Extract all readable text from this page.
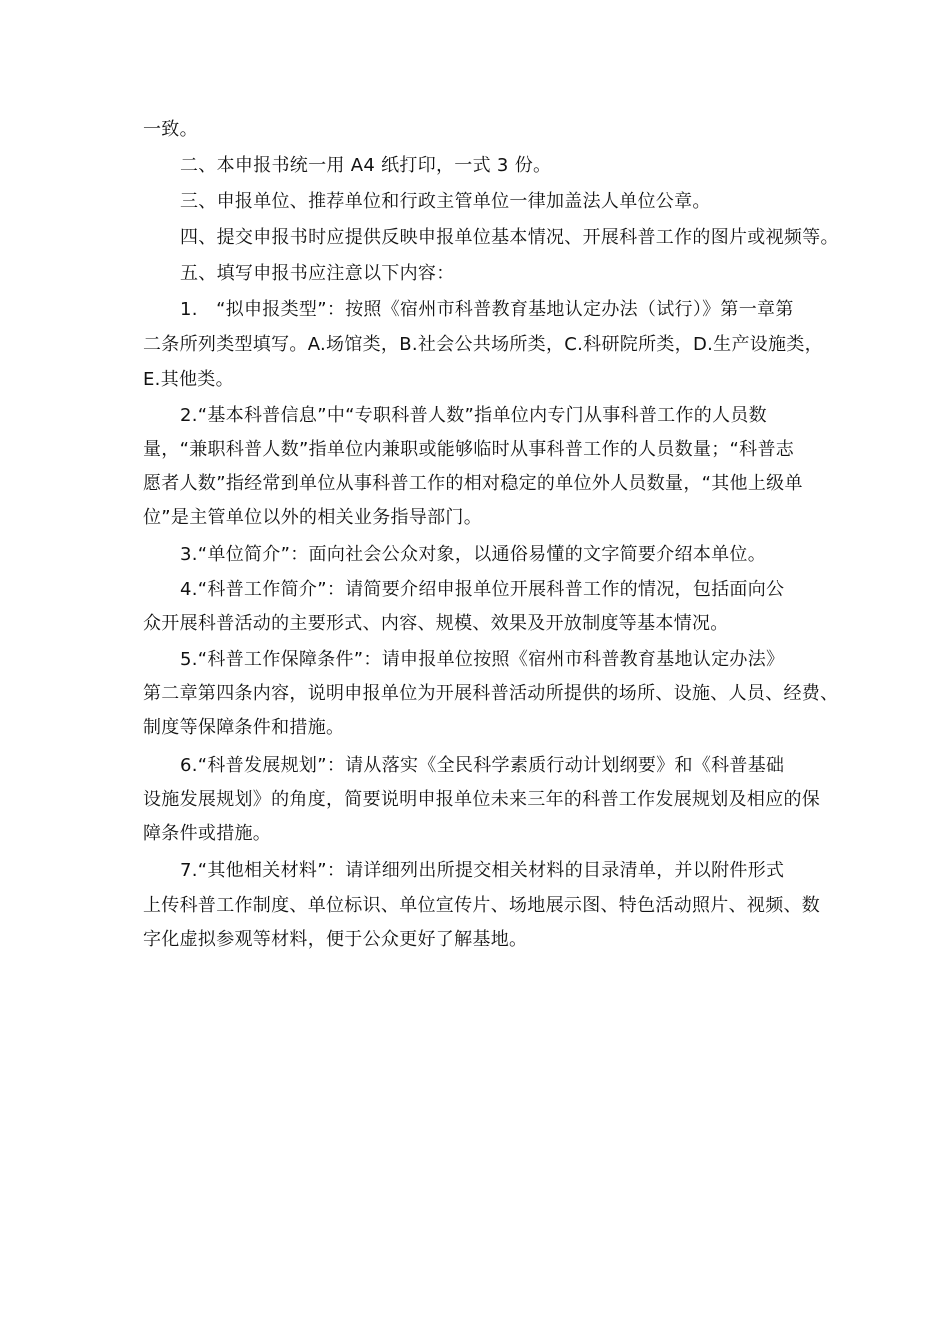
一致。
二、本申报书统一用 A4 纸打印，一式 3 份。
三、申报单位、推荐单位和行政主管单位一律加盖法人单位公章。
四、提交申报书时应提供反映申报单位基本情况、开展科普工作的图片或视频等。
五、填写申报书应注意以下内容：
1.　“拟申报类型”：按照《宿州市科普教育基地认定办法（试行）》第一章第
二条所列类型填写。A.场馆类，B.社会公共场所类，C.科研院所类，D.生产设施类，
E.其他类。
2.“基本科普信息”中“专职科普人数”指单位内专门从事科普工作的人员数
量，“兼职科普人数”指单位内兼职或能够临时从事科普工作的人员数量；“科普志
愿者人数”指经常到单位从事科普工作的相对稳定的单位外人员数量，“其他上级单
位”是主管单位以外的相关业务指导部门。
3.“单位简介”：面向社会公众对象，以通俗易懂的文字简要介绍本单位。
4.“科普工作简介”：请简要介绍申报单位开展科普工作的情况，包括面向公
众开展科普活动的主要形式、内容、规模、效果及开放制度等基本情况。
5.“科普工作保障条件”：请申报单位按照《宿州市科普教育基地认定办法》
第二章第四条内容，说明申报单位为开展科普活动所提供的场所、设施、人员、经费、
制度等保障条件和措施。
6.“科普发展规划”：请从落实《全民科学素质行动计划纲要》和《科普基础
设施发展规划》的角度，简要说明申报单位未来三年的科普工作发展规划及相应的保
障条件或措施。
7.“其他相关材料”：请详细列出所提交相关材料的目录清单，并以附件形式
上传科普工作制度、单位标识、单位宣传片、场地展示图、特色活动照片、视频、数
字化虚拟参观等材料，便于公众更好了解基地。
